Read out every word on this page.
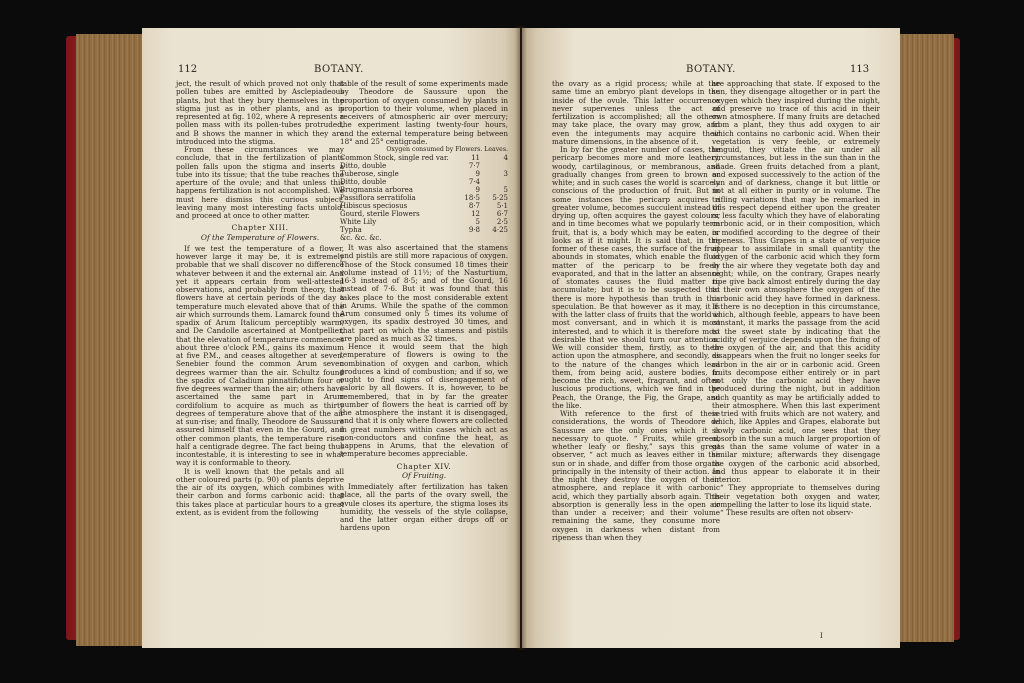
112	BOTANY.

ject, the result of which proved not only that pollen tubes are emitted by Asclepiadeous plants, but that they bury themselves in the stigma just as in other plants, and as is represented at fig. 102, where A represents a pollen mass with its pollen-tubes protruded, and B shows the manner in which they are introduced into the stigma.

From these circumstances we may conclude, that in the fertilization of plants pollen falls upon the stigma and inserts a tube into its tissue; that the tube reaches the aperture of the ovule; and that unless this happens fertilization is not accomplished. We must here dismiss this curious subject, leaving many most interesting facts untold, and proceed at once to other matter.

Chapter XIII.
Of the Temperature of Flowers.

If we test the temperature of a flower, however large it may be, it is extremely probable that we shall discover no difference whatever between it and the external air. And yet it appears certain from well-attested observations, and probably from theory, that flowers have at certain periods of the day a temperature much elevated above that of the air which surrounds them. Lamarck found the spadix of Arum Italicum perceptibly warm; and De Candolle ascertained at Montpellier, that the elevation of temperature commences about three o'clock P.M., gains its maximum at five P.M., and ceases altogether at seven. Senebier found the common Arum seven degrees warmer than the air. Schultz found the spadix of Caladium pinnatifidum four or five degrees warmer than the air; others have ascertained the same part in Arum cordifolium to acquire as much as thirty degrees of temperature above that of the air at sun-rise; and finally, Theodore de Saussure assured himself that even in the Gourd, and other common plants, the temperature rises half a centigrade degree. The fact being thus incontestable, it is interesting to see in what way it is conformable to theory.

It is well known that the petals and all other coloured parts (p. 90) of plants deprive the air of its oxygen, which combines with their carbon and forms carbonic acid: that this takes place at particular hours to a great extent, as is evident from the following

table of the result of some experiments made by Theodore de Saussure upon the proportion of oxygen consumed by plants in proportion to their volume, when placed in receivers of atmospheric air over mercury; the experiment lasting twenty-four hours, and the external temperature being between 18° and 25° centigrade.

Oxygen consumed by Flowers. Leaves.
Common Stock, single red var.	11	4
Ditto, double	7·7	
Tuberose, single	9	3
Ditto, double	7·4	
Brugmansia arborea	9	5
Passiflora serratifolia	18·5	5·25
Hibiscus speciosus	8·7	5·1
Gourd, sterile Flowers	12	6·7
White Lily	5	2·5
Typha	9·8	4·25
&c. &c. &c.		

It was also ascertained that the stamens and pistils are still more rapacious of oxygen. Those of the Stock consumed 18 times their volume instead of 11½; of the Nasturtium, 16·3 instead of 8·5; and of the Gourd, 16 instead of 7·6. But it was found that this takes place to the most considerable extent in Arums. While the spathe of the common Arum consumed only 5 times its volume of oxygen, its spadix destroyed 30 times, and that part on which the stamens and pistils are placed as much as 32 times.

Hence it would seem that the high temperature of flowers is owing to the combination of oxygen and carbon, which produces a kind of combustion; and if so, we ought to find signs of disengagement of caloric by all flowers. It is, however, to be remembered, that in by far the greater number of flowers the heat is carried off by the atmosphere the instant it is disengaged, and that it is only where flowers are collected in great numbers within cases which act as non-conductors and confine the heat, as happens in Arums, that the elevation of temperature becomes appreciable.

Chapter XIV.
Of Fruiting.

Immediately after fertilization has taken place, all the parts of the ovary swell, the ovule closes its aperture, the stigma loses its humidity, the vessels of the style collapse, and the latter organ either drops off or hardens upon

BOTANY.	113

the ovary as a rigid process; while at the same time an embryo plant develops in the inside of the ovule. This latter occurrence never supervenes unless the act of fertilization is accomplished; all the others may take place, the ovary may grow, and even the integuments may acquire their mature dimensions, in the absence of it.

In by far the greater number of cases, the pericarp becomes more and more leathery, woody, cartilaginous, or membranous, and gradually changes from green to brown or white; and in such cases the world is scarcely conscious of the production of fruit. But in some instances the pericarp acquires a greater volume, becomes succulent instead of drying up, often acquires the gayest colours, and in time becomes what we popularly term fruit, that is, a body which may be eaten, or looks as if it might. It is said that, in the former of these cases, the surface of the fruit abounds in stomates, which enable the fluid matter of the pericarp to be freely evaporated, and that in the latter an absence of stomates causes the fluid matter to accumulate; but it is to be suspected that there is more hypothesis than truth in this speculation. Be that however as it may, it is with the latter class of fruits that the world is most conversant, and in which it is most interested, and to which it is therefore most desirable that we should turn our attention. We will consider them, firstly, as to their action upon the atmosphere, and secondly, as to the nature of the changes which lead them, from being acid, austere bodies, to become the rich, sweet, fragrant, and often luscious productions, which we find in the Peach, the Orange, the Fig, the Grape, and the like.

With reference to the first of these considerations, the words of Theodore de Saussure are the only ones which it is necessary to quote. “ Fruits, while green, whether leafy or fleshy,” says this great observer, “ act much as leaves either in the sun or in shade, and differ from those organs principally in the intensity of their action. In the night they destroy the oxygen of their atmosphere, and replace it with carbonic acid, which they partially absorb again. This absorption is generally less in the open air than under a receiver; and their volume remaining the same, they consume more oxygen in darkness when distant from ripeness than when they

are approaching that state. If exposed to the sun, they disengage altogether or in part the oxygen which they inspired during the night, and preserve no trace of this acid in their own atmosphere. If many fruits are detached from a plant, they thus add oxygen to air which contains no carbonic acid. When their vegetation is very feeble, or extremely languid, they vitiate the air under all circumstances, but less in the sun than in the shade. Green fruits detached from a plant, and exposed successively to the action of the sun and of darkness, change it but little or not at all either in purity or in volume. The trifling variations that may be remarked in this respect depend either upon the greater or less faculty which they have of elaborating carbonic acid, or in their composition, which is modified according to the degree of their ripeness. Thus Grapes in a state of verjuice appear to assimilate in small quantity the oxygen of the carbonic acid which they form in the air where they vegetate both day and night; while, on the contrary, Grapes nearly ripe give back almost entirely during the day to their own atmosphere the oxygen of the carbonic acid they have formed in darkness. If there is no deception in this circumstance, which, although feeble, appears to have been constant, it marks the passage from the acid to the sweet state by indicating that the acidity of verjuice depends upon the fixing of the oxygen of the air, and that this acidity disappears when the fruit no longer seeks for carbon in the air or in carbonic acid. Green fruits decompose either entirely or in part not only the carbonic acid they have produced during the night, but in addition such quantity as may be artificially added to their atmosphere. When this last experiment is tried with fruits which are not watery, and which, like Apples and Grapes, elaborate but slowly carbonic acid, one sees that they absorb in the sun a much larger proportion of gas than the same volume of water in a similar mixture; afterwards they disengage the oxygen of the carbonic acid absorbed, and thus appear to elaborate it in their interior.

“ They appropriate to themselves during their vegetation both oxygen and water, compelling the latter to lose its liquid state.

“ These results are often not observ-

I
